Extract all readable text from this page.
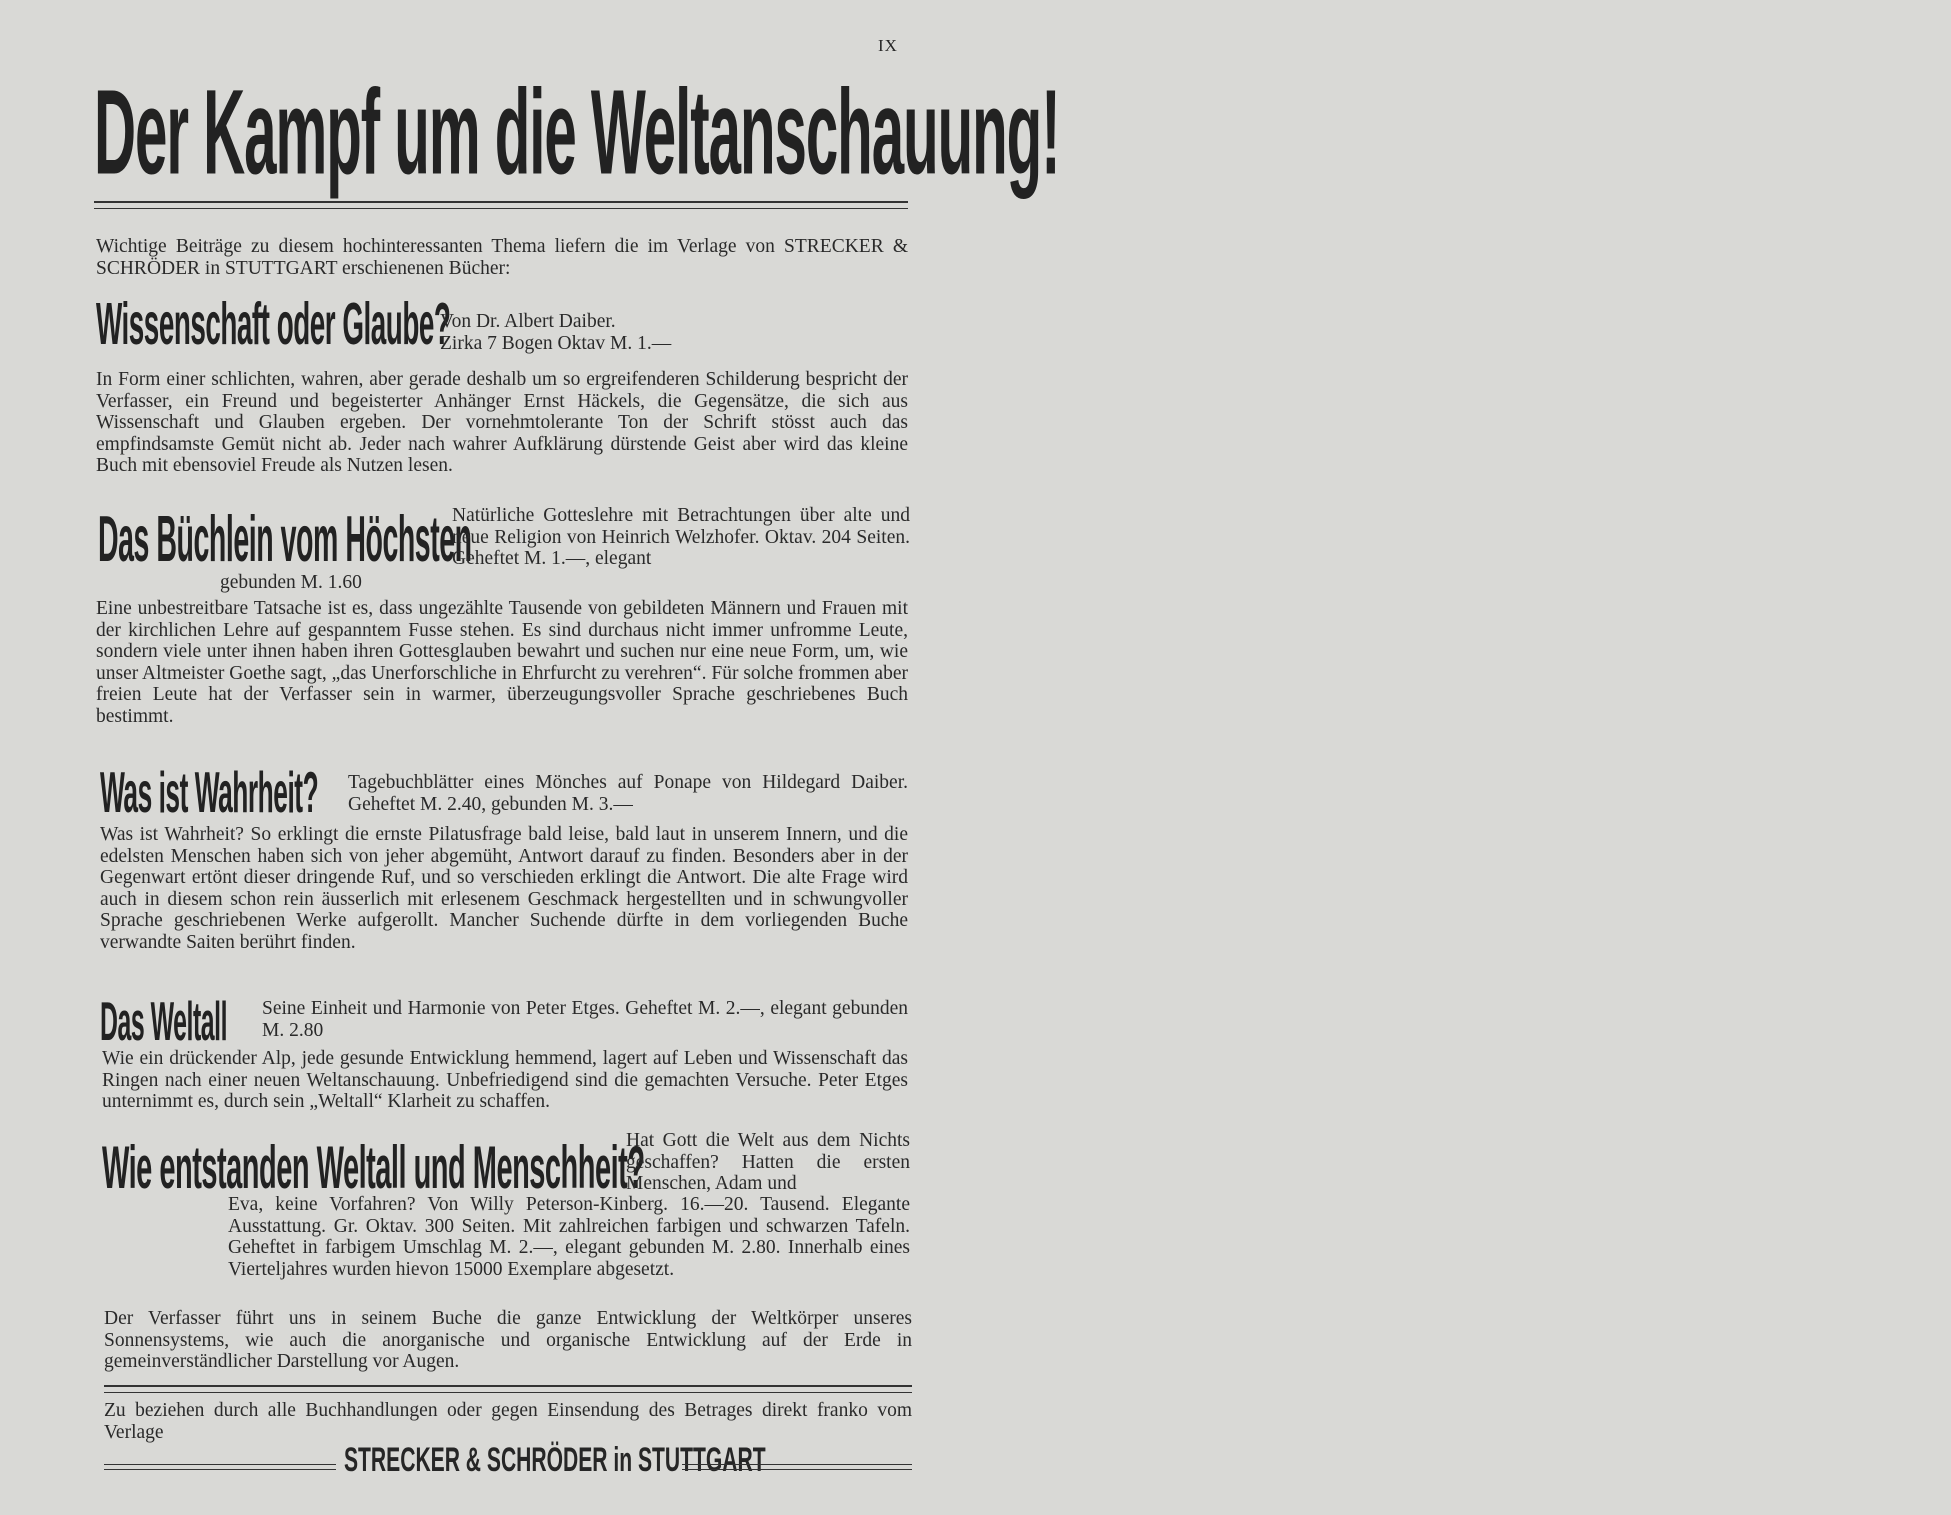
IX
Der Kampf um die Weltanschauung!

Wichtige Beiträge zu diesem hochinteressanten Thema liefern die im Verlage von STRECKER & SCHRÖDER in STUTTGART erschienenen Bücher:

Wissenschaft oder Glaube?

Von Dr. Albert Daiber.

Zirka 7 Bogen Oktav M. 1.—

In Form einer schlichten, wahren, aber gerade deshalb um so ergreifenderen Schilderung bespricht der Verfasser, ein Freund und begeisterter Anhänger Ernst Häckels, die Gegensätze, die sich aus Wissenschaft und Glauben ergeben. Der vornehmtolerante Ton der Schrift stösst auch das empfindsamste Gemüt nicht ab. Jeder nach wahrer Aufklärung dürstende Geist aber wird das kleine Buch mit ebensoviel Freude als Nutzen lesen.

Das Büchlein vom Höchsten

Natürliche Gotteslehre mit Betrachtungen über alte und neue Religion von Heinrich Welzhofer. Oktav. 204 Seiten. Geheftet M. 1.—, elegant

gebunden M. 1.60

Eine unbestreitbare Tatsache ist es, dass ungezählte Tausende von gebildeten Männern und Frauen mit der kirchlichen Lehre auf gespanntem Fusse stehen. Es sind durchaus nicht immer unfromme Leute, sondern viele unter ihnen haben ihren Gottesglauben bewahrt und suchen nur eine neue Form, um, wie unser Altmeister Goethe sagt, „das Unerforschliche in Ehrfurcht zu verehren“. Für solche frommen aber freien Leute hat der Verfasser sein in warmer, überzeugungsvoller Sprache geschriebenes Buch bestimmt.

Was ist Wahrheit?	Tagebuchblätter eines Mönches auf Ponape von Hildegard Daiber. Geheftet M. 2.40, gebunden M. 3.—

Was ist Wahrheit? So erklingt die ernste Pilatusfrage bald leise, bald laut in unserem Innern, und die edelsten Menschen haben sich von jeher abgemüht, Antwort darauf zu finden. Besonders aber in der Gegenwart ertönt dieser dringende Ruf, und so verschieden erklingt die Antwort. Die alte Frage wird auch in diesem schon rein äusserlich mit erlesenem Geschmack hergestellten und in schwungvoller Sprache geschriebenen Werke aufgerollt. Mancher Suchende dürfte in dem vorliegenden Buche verwandte Saiten berührt finden.

Das Weltall	Seine Einheit und Harmonie von Peter Etges. Geheftet M. 2.—, elegant gebunden M. 2.80

Wie ein drückender Alp, jede gesunde Entwicklung hemmend, lagert auf Leben und Wissenschaft das Ringen nach einer neuen Weltanschauung. Unbefriedigend sind die gemachten Versuche. Peter Etges unternimmt es, durch sein „Weltall“ Klarheit zu schaffen.

Wie entstanden Weltall und Menschheit?

Hat Gott die Welt aus dem Nichts geschaffen? Hatten die ersten Menschen, Adam und

Eva, keine Vorfahren? Von Willy Peterson-Kinberg. 16.—20. Tausend. Elegante Ausstattung. Gr. Oktav. 300 Seiten. Mit zahlreichen farbigen und schwarzen Tafeln. Geheftet in farbigem Umschlag M. 2.—, elegant gebunden M. 2.80. Innerhalb eines Vierteljahres wurden hievon 15000 Exemplare abgesetzt.

Der Verfasser führt uns in seinem Buche die ganze Entwicklung der Weltkörper unseres Sonnensystems, wie auch die anorganische und organische Entwicklung auf der Erde in gemeinverständlicher Darstellung vor Augen.

Zu beziehen durch alle Buchhandlungen oder gegen Einsendung des Betrages direkt franko vom Verlage

STRECKER & SCHRÖDER in STUTTGART
